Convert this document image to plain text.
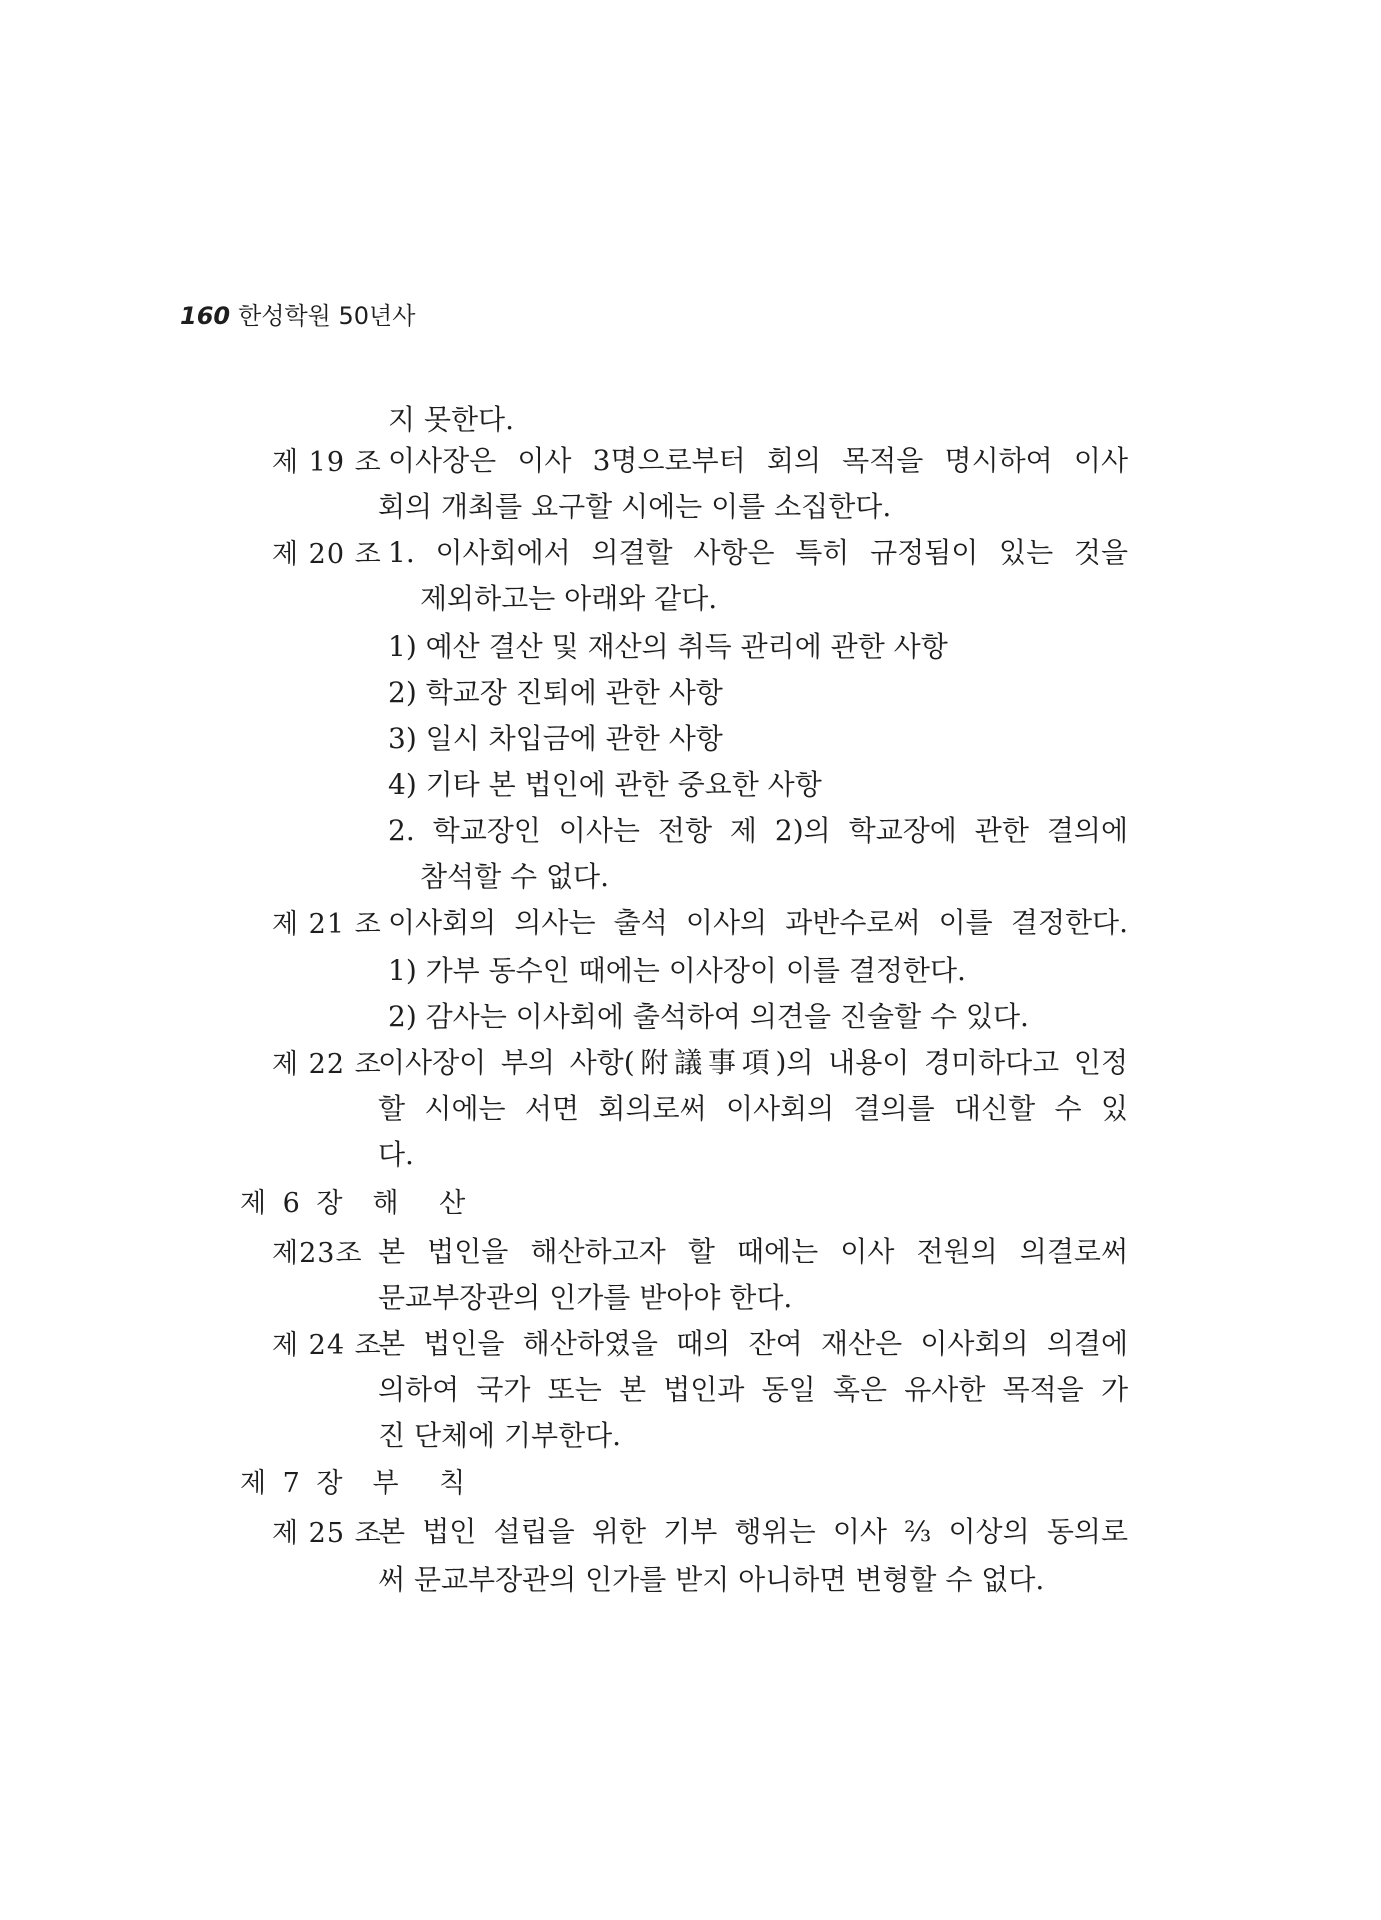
160 한성학원 50년사
지 못한다.
제 19 조 이사장은 이사 3명으로부터 회의 목적을 명시하여 이사
회의 개최를 요구할 시에는 이를 소집한다.
제 20 조 1. 이사회에서 의결할 사항은 특히 규정됨이 있는 것을
제외하고는 아래와 같다.
1) 예산 결산 및 재산의 취득 관리에 관한 사항
2) 학교장 진퇴에 관한 사항
3) 일시 차입금에 관한 사항
4) 기타 본 법인에 관한 중요한 사항
2. 학교장인 이사는 전항 제 2)의 학교장에 관한 결의에
참석할 수 없다.
제 21 조 이사회의 의사는 출석 이사의 과반수로써 이를 결정한다.
1) 가부 동수인 때에는 이사장이 이를 결정한다.
2) 감사는 이사회에 출석하여 의견을 진술할 수 있다.
제 22 조
이사장이 부의 사항(附議事項)의 내용이 경미하다고 인정
할 시에는 서면 회의로써 이사회의 결의를 대신할 수 있
다.
제 6 장 해 산
제23조 본 법인을 해산하고자 할 때에는 이사 전원의 의결로써
문교부장관의 인가를 받아야 한다.
제 24 조
본 법인을 해산하였을 때의 잔여 재산은 이사회의 의결에
의하여 국가 또는 본 법인과 동일 혹은 유사한 목적을 가
진 단체에 기부한다.
제 7 장 부 칙
제 25 조
본 법인 설립을 위한 기부 행위는 이사 ⅔ 이상의 동의로
써 문교부장관의 인가를 받지 아니하면 변형할 수 없다.
